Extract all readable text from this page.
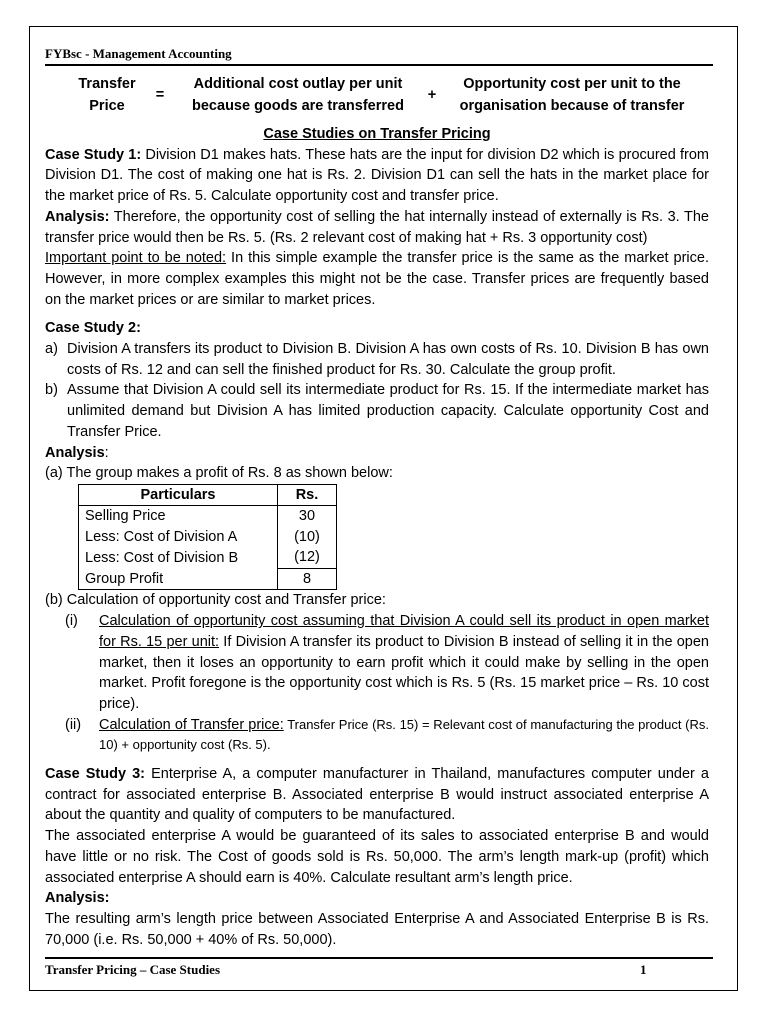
FYBsc - Management Accounting
Transfer
Price
=
Additional cost outlay per unit
because goods are transferred
+
Opportunity cost per unit to the
organisation because of transfer

Case Studies on Transfer Pricing

Case Study 1: Division D1 makes hats. These hats are the input for division D2 which is procured from Division D1. The cost of making one hat is Rs. 2. Division D1 can sell the hats in the market place for the market price of Rs. 5. Calculate opportunity cost and transfer price.

Analysis: Therefore, the opportunity cost of selling the hat internally instead of externally is Rs. 3. The transfer price would then be Rs. 5. (Rs. 2 relevant cost of making hat + Rs. 3 opportunity cost)

Important point to be noted: In this simple example the transfer price is the same as the market price. However, in more complex examples this might not be the case. Transfer prices are frequently based on the market prices or are similar to market prices.

Case Study 2:

a) Division A transfers its product to Division B. Division A has own costs of Rs. 10. Division B has own costs of Rs. 12 and can sell the finished product for Rs. 30. Calculate the group profit.
b) Assume that Division A could sell its intermediate product for Rs. 15. If the intermediate market has unlimited demand but Division A has limited production capacity. Calculate opportunity Cost and Transfer Price.

Analysis:

(a) The group makes a profit of Rs. 8 as shown below:

Particulars	Rs.
Selling Price	30
Less: Cost of Division A	(10)
Less: Cost of Division B	(12)
Group Profit	8

(b) Calculation of opportunity cost and Transfer price:

(i)	Calculation of opportunity cost assuming that Division A could sell its product in open market for Rs. 15 per unit: If Division A transfer its product to Division B instead of selling it in the open market, then it loses an opportunity to earn profit which it could make by selling in the open market. Profit foregone is the opportunity cost which is Rs. 5 (Rs. 15 market price – Rs. 10 cost price).
(ii)	Calculation of Transfer price: Transfer Price (Rs. 15) = Relevant cost of manufacturing the product (Rs. 10) + opportunity cost (Rs. 5).

Case Study 3: Enterprise A, a computer manufacturer in Thailand, manufactures computer under a contract for associated enterprise B. Associated enterprise B would instruct associated enterprise A about the quantity and quality of computers to be manufactured.

The associated enterprise A would be guaranteed of its sales to associated enterprise B and would have little or no risk. The Cost of goods sold is Rs. 50,000. The arm’s length mark-up (profit) which associated enterprise A should earn is 40%. Calculate resultant arm’s length price.

Analysis:

The resulting arm’s length price between Associated Enterprise A and Associated Enterprise B is Rs. 70,000 (i.e. Rs. 50,000 + 40% of Rs. 50,000).

Transfer Pricing – Case Studies	1
